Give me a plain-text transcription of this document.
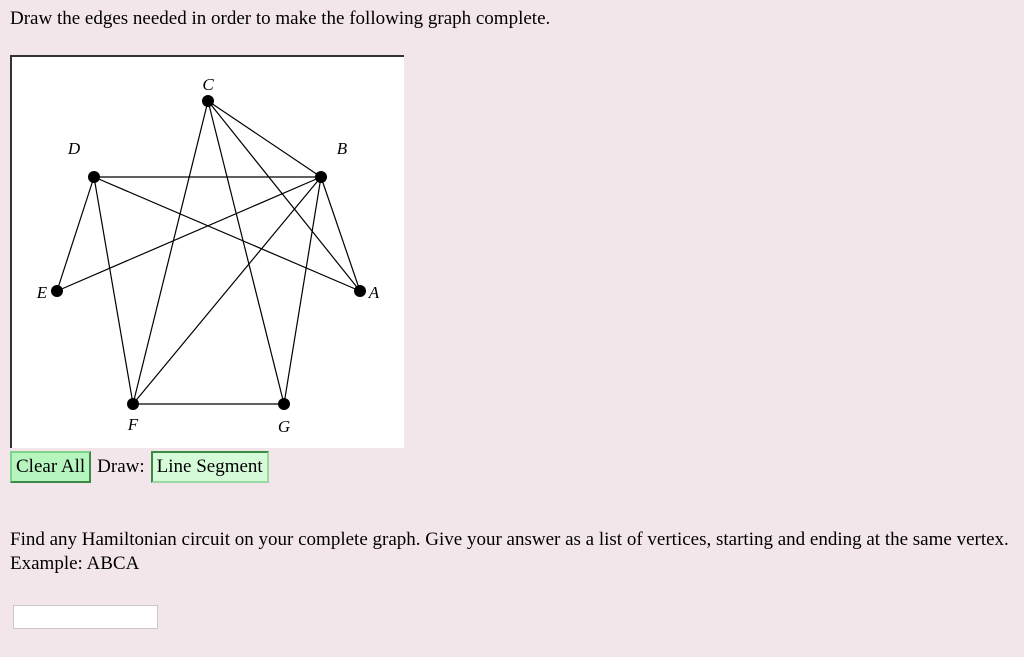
Draw the edges needed in order to make the following graph complete.
C
B
D
E	A
F	G
Clear All Draw: Line Segment
Find any Hamiltonian circuit on your complete graph. Give your answer as a list of vertices, starting and ending at the same vertex. Example: ABCA
